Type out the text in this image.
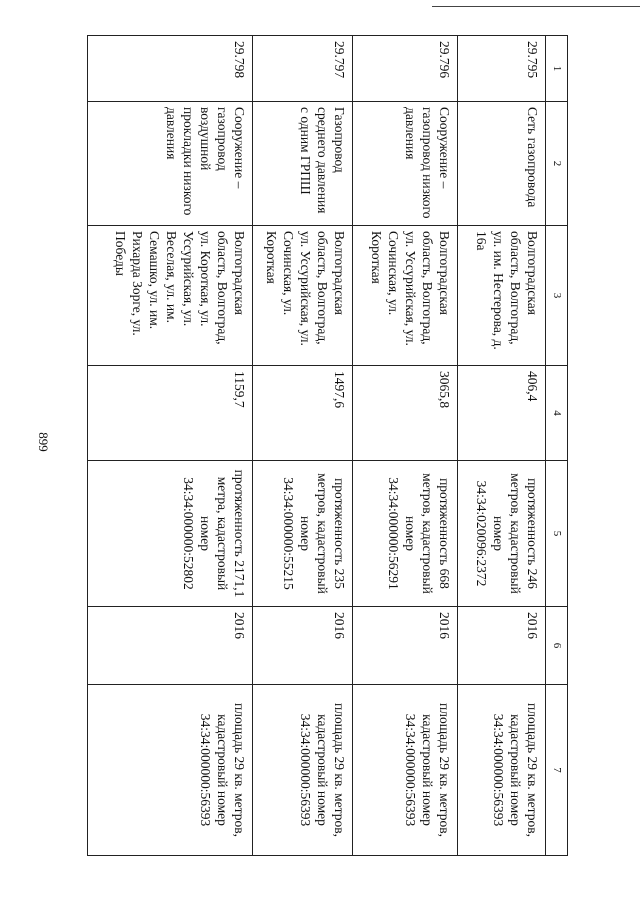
899
1	2	3	4	5	6	7
29.795	Сеть газопровода	Волгоградская область, Волгоград, ул. им. Нестерова, д. 16а	406,4	протяженность 246 метров, кадастровый номер 34:34:020096:2372	2016	площадь 29 кв. метров, кадастровый номер 34:34:000000:56393
29.796	Сооружение – газопровод низкого давления	Волгоградская область, Волгоград, ул. Уссурийская, ул. Сочинская, ул. Короткая	3065,8	протяженность 668 метров, кадастровый номер 34:34:000000:56291	2016	площадь 29 кв. метров, кадастровый номер 34:34:000000:56393
29.797	Газопровод среднего давления с одним ГРПШ	Волгоградская область, Волгоград, ул. Уссурийская, ул. Сочинская, ул. Короткая	1497,6	протяженность 235 метров, кадастровый номер 34:34:000000:55215	2016	площадь 29 кв. метров, кадастровый номер 34:34:000000:56393
29.798	Сооружение – газопровод воздушной прокладки низкого давления	Волгоградская область, Волгоград, ул. Короткая, ул. Уссурийская, ул. Веселая, ул. им. Семашко, ул. им. Рихарда Зорге, ул. Победы	1159,7	протяженность 2171,1 метра, кадастровый номер 34:34:000000:52802	2016	площадь 29 кв. метров, кадастровый номер 34:34:000000:56393
